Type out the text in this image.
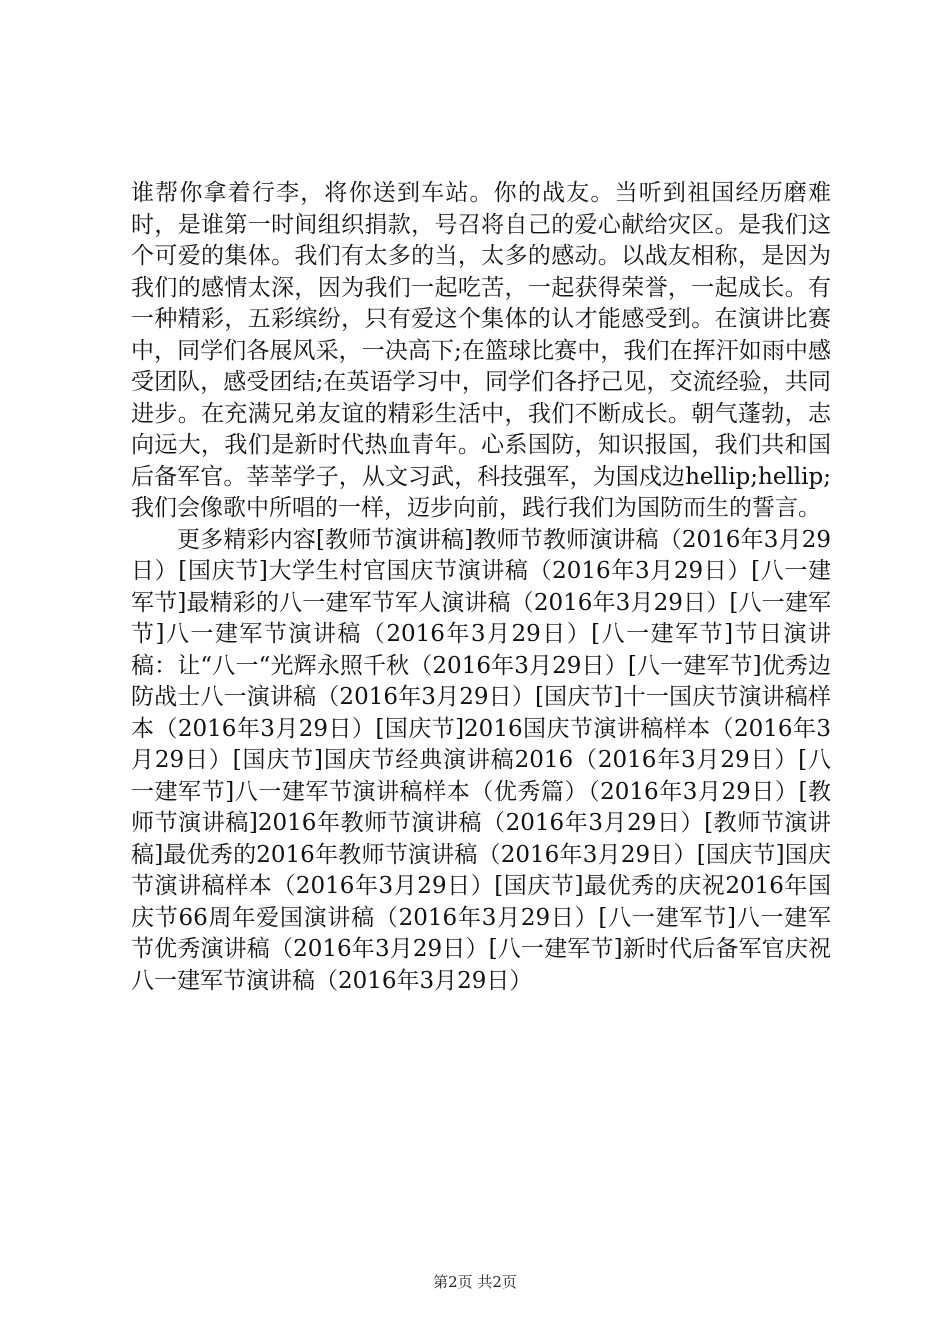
谁帮你拿着行李，将你送到车站。你的战友。当听到祖国经历磨难时，是谁第一时间组织捐款，号召将自己的爱心献给灾区。是我们这个可爱的集体。我们有太多的当，太多的感动。以战友相称，是因为我们的感情太深，因为我们一起吃苦，一起获得荣誉，一起成长。有一种精彩，五彩缤纷，只有爱这个集体的认才能感受到。在演讲比赛中，同学们各展风采，一决高下;在篮球比赛中，我们在挥汗如雨中感受团队，感受团结;在英语学习中，同学们各抒己见，交流经验，共同进步。在充满兄弟友谊的精彩生活中，我们不断成长。朝气蓬勃，志向远大，我们是新时代热血青年。心系国防，知识报国，我们共和国后备军官。莘莘学子，从文习武，科技强军，为国戍边hellip;hellip;我们会像歌中所唱的一样，迈步向前，践行我们为国防而生的誓言。

更多精彩内容[教师节演讲稿]教师节教师演讲稿（2016年3月29日）[国庆节]大学生村官国庆节演讲稿（2016年3月29日）[八一建军节]最精彩的八一建军节军人演讲稿（2016年3月29日）[八一建军节]八一建军节演讲稿（2016年3月29日）[八一建军节]节日演讲稿：让“八一“光辉永照千秋（2016年3月29日）[八一建军节]优秀边防战士八一演讲稿（2016年3月29日）[国庆节]十一国庆节演讲稿样本（2016年3月29日）[国庆节]2016国庆节演讲稿样本（2016年3月29日）[国庆节]国庆节经典演讲稿2016（2016年3月29日）[八一建军节]八一建军节演讲稿样本（优秀篇）（2016年3月29日）[教师节演讲稿]2016年教师节演讲稿（2016年3月29日）[教师节演讲稿]最优秀的2016年教师节演讲稿（2016年3月29日）[国庆节]国庆节演讲稿样本（2016年3月29日）[国庆节]最优秀的庆祝2016年国庆节66周年爱国演讲稿（2016年3月29日）[八一建军节]八一建军节优秀演讲稿（2016年3月29日）[八一建军节]新时代后备军官庆祝八一建军节演讲稿（2016年3月29日）

第2页 共2页
